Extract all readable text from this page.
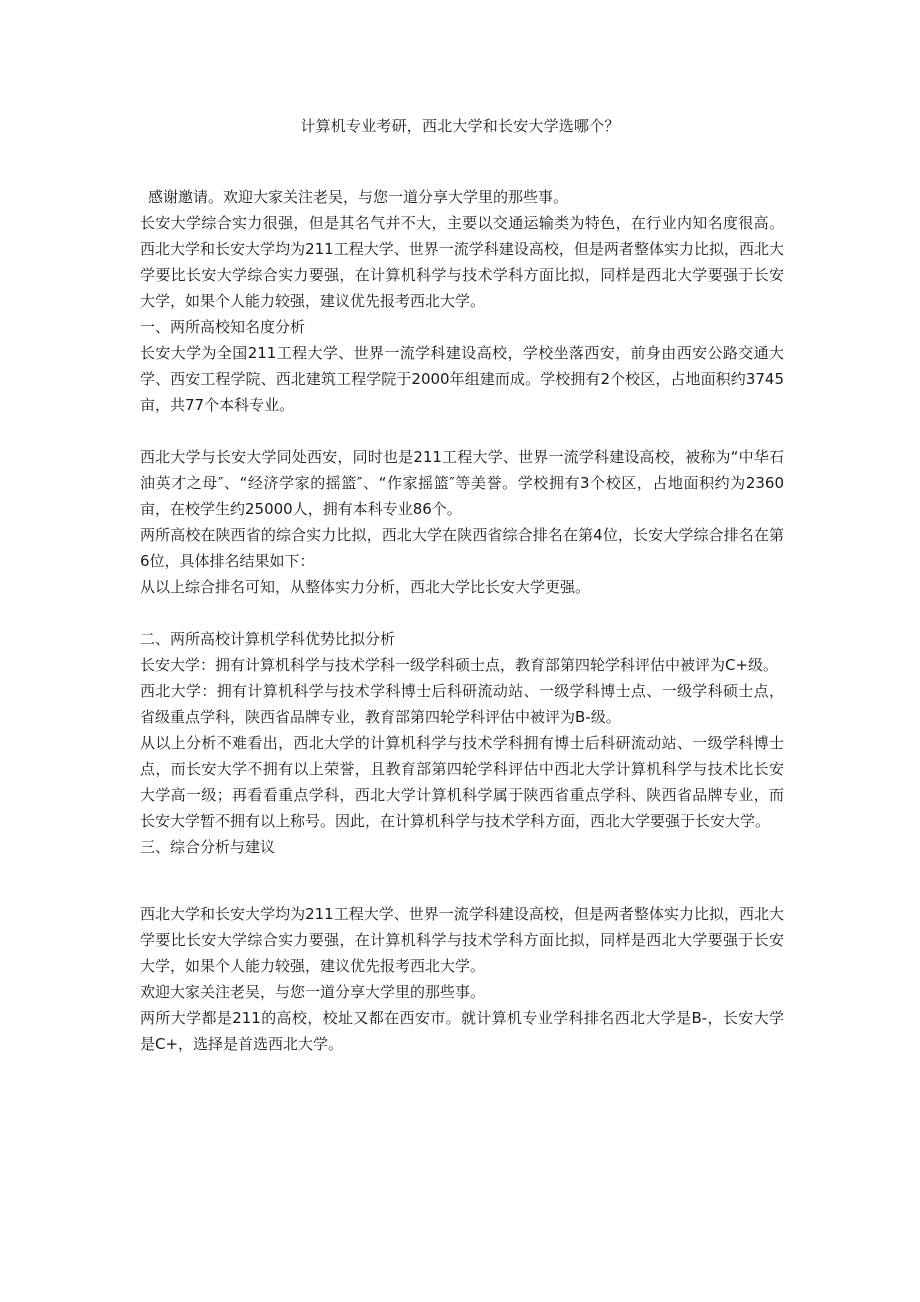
计算机专业考研，西北大学和长安大学选哪个？

感谢邀请。欢迎大家关注老吴，与您一道分享大学里的那些事。

长安大学综合实力很强，但是其名气并不大，主要以交通运输类为特色，在行业内知名度很高。西北大学和长安大学均为211工程大学、世界一流学科建设高校，但是两者整体实力比拟，西北大学要比长安大学综合实力要强，在计算机科学与技术学科方面比拟，同样是西北大学要强于长安大学，如果个人能力较强，建议优先报考西北大学。

一、两所高校知名度分析

长安大学为全国211工程大学、世界一流学科建设高校，学校坐落西安，前身由西安公路交通大学、西安工程学院、西北建筑工程学院于2000年组建而成。学校拥有2个校区，占地面积约3745亩，共77个本科专业。

西北大学与长安大学同处西安，同时也是211工程大学、世界一流学科建设高校，被称为“中华石油英才之母″、“经济学家的摇篮″、“作家摇篮″等美誉。学校拥有3个校区，占地面积约为2360亩，在校学生约25000人，拥有本科专业86个。

两所高校在陕西省的综合实力比拟，西北大学在陕西省综合排名在第4位，长安大学综合排名在第6位，具体排名结果如下：

从以上综合排名可知，从整体实力分析，西北大学比长安大学更强。

二、两所高校计算机学科优势比拟分析

长安大学：拥有计算机科学与技术学科一级学科硕士点，教育部第四轮学科评估中被评为C+级。

西北大学：拥有计算机科学与技术学科博士后科研流动站、一级学科博士点、一级学科硕士点，省级重点学科，陕西省品牌专业，教育部第四轮学科评估中被评为B-级。

从以上分析不难看出，西北大学的计算机科学与技术学科拥有博士后科研流动站、一级学科博士点，而长安大学不拥有以上荣誉，且教育部第四轮学科评估中西北大学计算机科学与技术比长安大学高一级；再看看重点学科，西北大学计算机科学属于陕西省重点学科、陕西省品牌专业，而长安大学暂不拥有以上称号。因此，在计算机科学与技术学科方面，西北大学要强于长安大学。

三、综合分析与建议

西北大学和长安大学均为211工程大学、世界一流学科建设高校，但是两者整体实力比拟，西北大学要比长安大学综合实力要强，在计算机科学与技术学科方面比拟，同样是西北大学要强于长安大学，如果个人能力较强，建议优先报考西北大学。

欢迎大家关注老吴，与您一道分享大学里的那些事。

两所大学都是211的高校，校址又都在西安市。就计算机专业学科排名西北大学是B-，长安大学是C+，选择是首选西北大学。
